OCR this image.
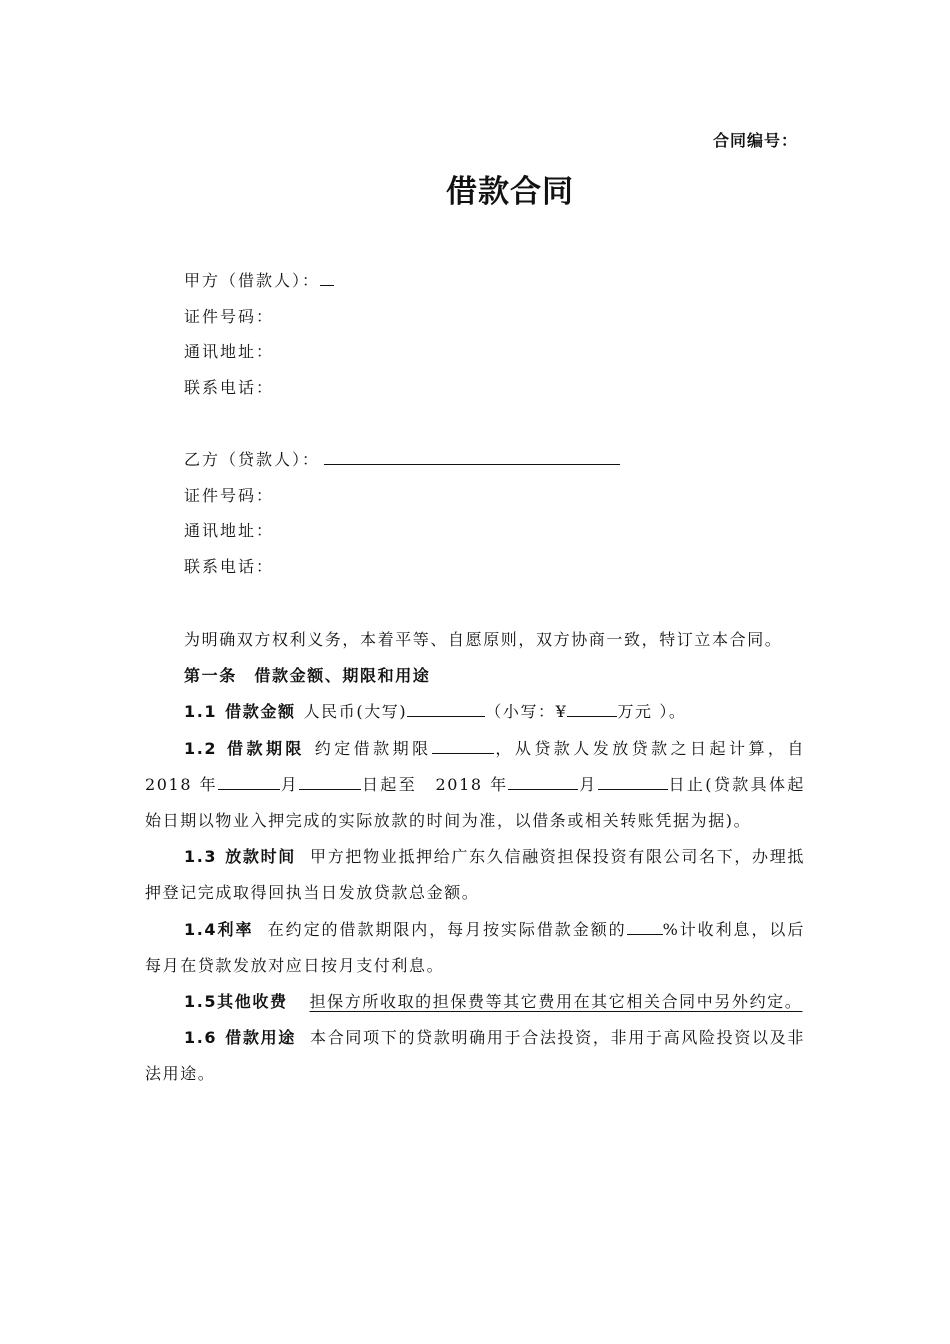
合同编号：
借款合同
甲方（借款人）：
证件号码：
通讯地址：
联系电话：
乙方（贷款人）：
证件号码：
通讯地址：
联系电话：

为明确双方权利义务，本着平等、自愿原则，双方协商一致，特订立本合同。

第一条　借款金额、期限和用途

1.1 借款金额 人民币(大写)	（小写：¥	万元 ）。

1.2 借款期限 约定借款期限	，从贷款人发放贷款之日起计算，自 2018 年	月	日起至　2018 年	月	日止(贷款具体起始日期以物业入押完成的实际放款的时间为准，以借条或相关转账凭据为据)。

1.3 放款时间 甲方把物业抵押给广东久信融资担保投资有限公司名下，办理抵押登记完成取得回执当日发放贷款总金额。

1.4利率 在约定的借款期限内，每月按实际借款金额的 %计收利息，以后每月在贷款发放对应日按月支付利息。

1.5其他收费 担保方所收取的担保费等其它费用在其它相关合同中另外约定。

1.6 借款用途 本合同项下的贷款明确用于合法投资，非用于高风险投资以及非法用途。
